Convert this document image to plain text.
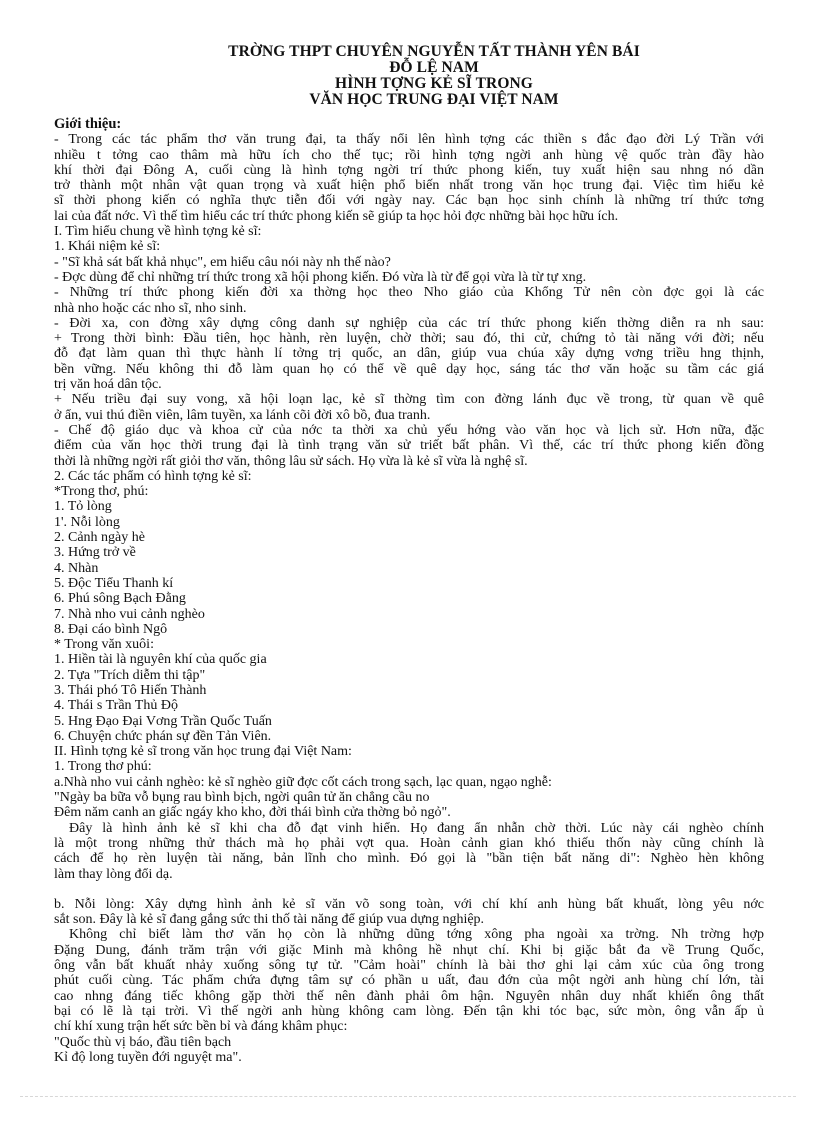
TRỜNG THPT CHUYÊN NGUYỄN TẤT THÀNH YÊN BÁI
ĐỖ LỆ NAM
HÌNH TỢNG KẺ SĨ TRONG
VĂN HỌC TRUNG ĐẠI VIỆT NAM
Giới thiệu:
- Trong các tác phẩm thơ văn trung đại, ta thấy nổi lên hình tợng các thiền s đắc đạo đời Lý Trần với
nhiều t tởng cao thâm mà hữu ích cho thế tục; rồi hình tợng ngời anh hùng vệ quốc tràn đầy hào
khí thời đại Đông A, cuối cùng là hình tợng ngời trí thức phong kiến, tuy xuất hiện sau nhng nó dần
trở thành một nhân vật quan trọng và xuất hiện phổ biến nhất trong văn học trung đại. Việc tìm hiểu kẻ
sĩ thời phong kiến có nghĩa thực tiễn đối với ngày nay. Các bạn học sinh chính là những trí thức tơng
lai của đất nớc. Vì thế tìm hiểu các trí thức phong kiến sẽ giúp ta học hỏi đợc những bài học hữu ích.
I. Tìm hiểu chung về hình tợng kẻ sĩ:
1. Khái niệm kẻ sĩ:
- "Sĩ khả sát bất khả nhục", em hiểu câu nói này nh thế nào?
- Đợc dùng để chỉ những trí thức trong xã hội phong kiến. Đó vừa là từ để gọi vừa là từ tự xng.
- Những trí thức phong kiến đời xa thờng học theo Nho giáo của Khổng Tử nên còn đợc gọi là các
nhà nho hoặc các nho sĩ, nho sinh.
- Đời xa, con đờng xây dựng công danh sự nghiệp của các trí thức phong kiến thờng diễn ra nh sau:
+ Trong thời bình: Đầu tiên, học hành, rèn luyện, chờ thời; sau đó, thi cử, chứng tỏ tài năng với đời; nếu
đỗ đạt làm quan thì thực hành lí tởng trị quốc, an dân, giúp vua chúa xây dựng vơng triều hng thịnh,
bền vững. Nếu không thi đỗ làm quan họ có thể về quê dạy học, sáng tác thơ văn hoặc su tầm các giá
trị văn hoá dân tộc.
+ Nếu triều đại suy vong, xã hội loạn lạc, kẻ sĩ thờng tìm con đờng lánh đục về trong, từ quan về quê
ở ẩn, vui thú điền viên, lâm tuyền, xa lánh cõi đời xô bồ, đua tranh.
- Chế độ giáo dục và khoa cử của nớc ta thời xa chủ yếu hớng vào văn học và lịch sử. Hơn nữa, đặc
điểm của văn học thời trung đại là tình trạng văn sử triết bất phân. Vì thế, các trí thức phong kiến đồng
thời là những ngời rất giỏi thơ văn, thông lâu sử sách. Họ vừa là kẻ sĩ vừa là nghệ sĩ.
2. Các tác phẩm có hình tợng kẻ sĩ:
*Trong thơ, phú:
1. Tỏ lòng
1'. Nỗi lòng
2. Cảnh ngày hè
3. Hứng trở về
4. Nhàn
5. Độc Tiểu Thanh kí
6. Phú sông Bạch Đằng
7. Nhà nho vui cảnh nghèo
8. Đại cáo bình Ngô
* Trong văn xuôi:
1. Hiền tài là nguyên khí của quốc gia
2. Tựa "Trích diễm thi tập"
3. Thái phó Tô Hiến Thành
4. Thái s Trần Thủ Độ
5. Hng Đạo Đại Vơng Trần Quốc Tuấn
6. Chuyện chức phán sự đền Tản Viên.
II. Hình tợng kẻ sĩ trong văn học trung đại Việt Nam:
1. Trong thơ phú:
a.Nhà nho vui cảnh nghèo: kẻ sĩ nghèo giữ đợc cốt cách trong sạch, lạc quan, ngạo nghễ:
"Ngày ba bữa vỗ bụng rau bình bịch, ngời quân tử ăn chẳng cầu no
Đêm năm canh an giấc ngáy kho kho, đời thái bình cửa thờng bỏ ngỏ".
Đây là hình ảnh kẻ sĩ khi cha đỗ đạt vinh hiển. Họ đang ẩn nhẫn chờ thời. Lúc này cái nghèo chính
là một trong những thử thách mà họ phải vợt qua. Hoàn cảnh gian khó thiếu thốn này cũng chính là
cách để họ rèn luyện tài năng, bản lĩnh cho mình. Đó gọi là "bần tiện bất năng di": Nghèo hèn không
làm thay lòng đổi dạ.
b. Nỗi lòng: Xây dựng hình ảnh kẻ sĩ văn võ song toàn, với chí khí anh hùng bất khuất, lòng yêu nớc
sắt son. Đây là kẻ sĩ đang gắng sức thi thố tài năng để giúp vua dựng nghiệp.
Không chỉ biết làm thơ văn họ còn là những dũng tớng xông pha ngoài xa trờng. Nh trờng hợp
Đặng Dung, đánh trăm trận với giặc Minh mà không hề nhụt chí. Khi bị giặc bắt đa về Trung Quốc,
ông vẫn bất khuất nhảy xuống sông tự tử. "Cảm hoài" chính là bài thơ ghi lại cảm xúc của ông trong
phút cuối cùng. Tác phẩm chứa đựng tâm sự có phần u uất, đau đớn của một ngời anh hùng chí lớn, tài
cao nhng đáng tiếc không gặp thời thế nên đành phải ôm hận. Nguyên nhân duy nhất khiến ông thất
bại có lẽ là tại trời. Vì thế ngời anh hùng không cam lòng. Đến tận khi tóc bạc, sức mòn, ông vẫn ấp ủ
chí khí xung trận hết sức bền bỉ và đáng khâm phục:
"Quốc thù vị báo, đầu tiên bạch
Kỉ độ long tuyền đới nguyệt ma".
